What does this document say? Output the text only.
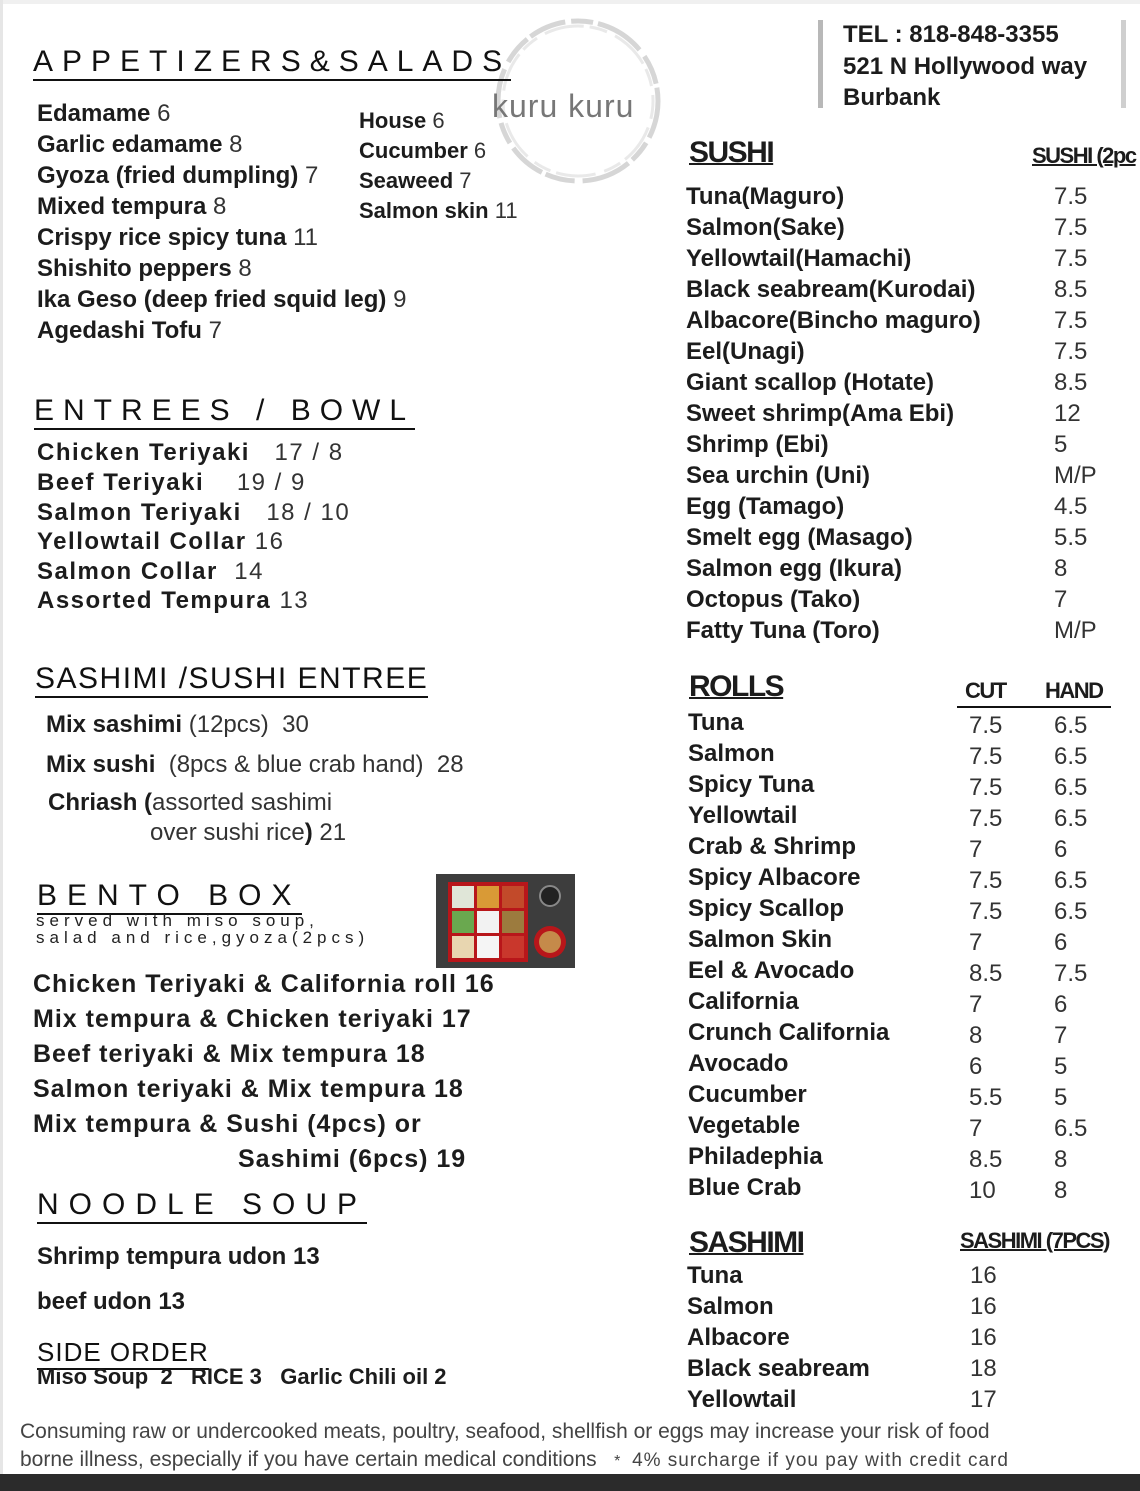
TEL : 818-848-3355
521 N Hollywood way
Burbank
kuru kuru
APPETIZERS&SALADS
Edamame 6
Garlic edamame 8
Gyoza (fried dumpling) 7
Mixed tempura 8
Crispy rice spicy tuna 11
Shishito peppers 8
Ika Geso (deep fried squid leg) 9
Agedashi Tofu 7
House 6
Cucumber 6
Seaweed 7
Salmon skin 11
ENTREES / BOWL
Chicken Teriyaki 17 / 8
Beef Teriyaki 19 / 9
Salmon Teriyaki 18 / 10
Yellowtail Collar 16
Salmon Collar 14
Assorted Tempura 13
SASHIMI /SUSHI ENTREE
Mix sashimi (12pcs) 30
Mix sushi (8pcs & blue crab hand) 28
Chriash (assorted sashimi
over sushi rice) 21
BENTO BOX
served with miso soup,
salad and rice,gyoza(2pcs)
Chicken Teriyaki & California roll 16
Mix tempura & Chicken teriyaki 17
Beef teriyaki & Mix tempura 18
Salmon teriyaki & Mix tempura 18
Mix tempura & Sushi (4pcs) or
Sashimi (6pcs) 19
NOODLE SOUP
Shrimp tempura udon 13
beef udon 13
SIDE ORDER
Miso Soup  2   RICE 3   Garlic Chili oil 2
SUSHI	SUSHI (2pc
Tuna(Maguro)	7.5
Salmon(Sake)	7.5
Yellowtail(Hamachi)	7.5
Black seabream(Kurodai)	8.5
Albacore(Bincho maguro)	7.5
Eel(Unagi)	7.5
Giant scallop (Hotate)	8.5
Sweet shrimp(Ama Ebi)	12
Shrimp (Ebi)	5
Sea urchin (Uni)	M/P
Egg (Tamago)	4.5
Smelt egg (Masago)	5.5
Salmon egg (Ikura)	8
Octopus (Tako)	7
Fatty Tuna (Toro)	M/P
ROLLS	CUT HAND
Tuna	7.5 6.5
Salmon	7.5 6.5
Spicy Tuna	7.5 6.5
Yellowtail	7.5 6.5
Crab & Shrimp	7	6
Spicy Albacore	7.5 6.5
Spicy Scallop	7.5 6.5
Salmon Skin	7	6
Eel & Avocado	8.5 7.5
California	7	6
Crunch California	8	7
Avocado	6	5
Cucumber	5.5 5
Vegetable	7	6.5
Philadephia	8.5 8
Blue Crab	10 8
SASHIMI	SASHIMI (7PCS)
Tuna	16
Salmon	16
Albacore	16
Black seabream	18
Yellowtail	17
Consuming raw or undercooked meats, poultry, seafood, shellfish or eggs may increase your risk of food
borne illness, especially if you have certain medical conditions * 4% surcharge if you pay with credit card
